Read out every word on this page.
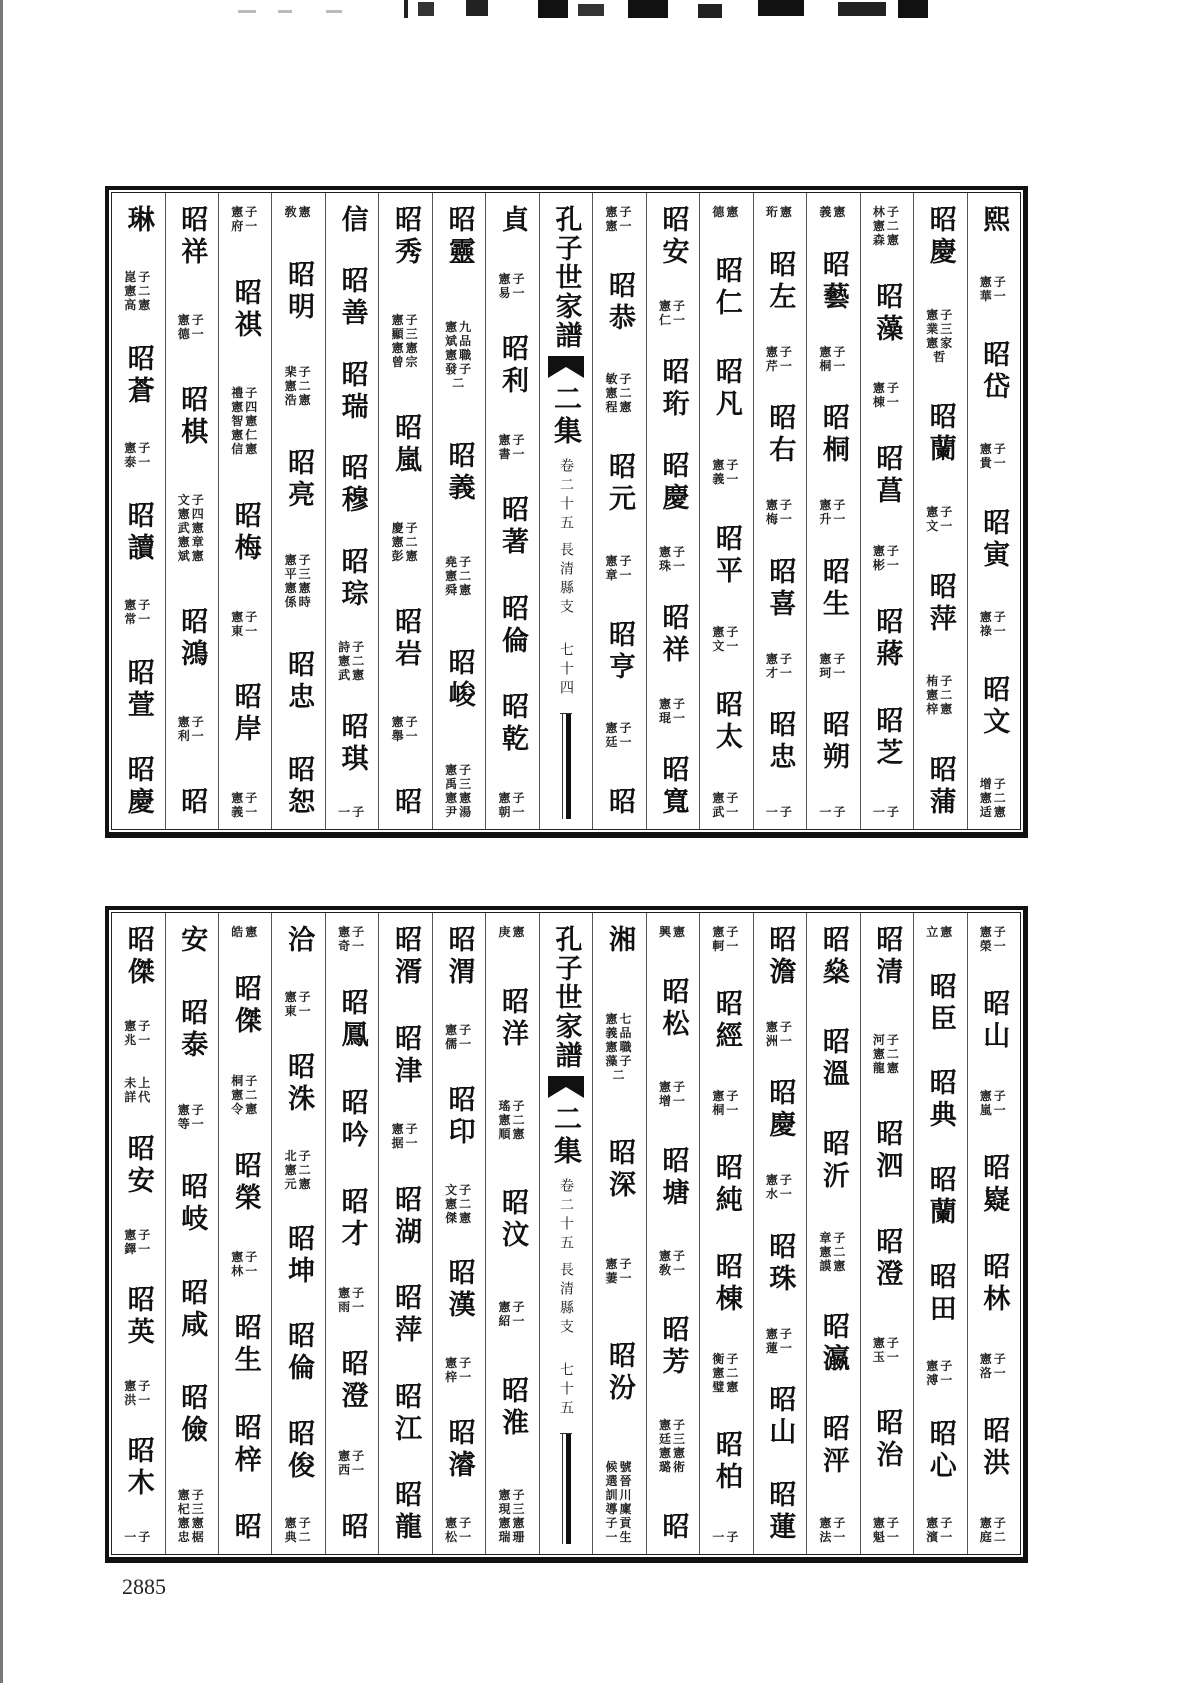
熙
憲子
華一
昭岱
憲子
貴一
昭寅
憲子
祿一
昭文
增子
憲二
适憲
昭慶
憲子
業三
憲家
哲
昭蘭
憲子
文一
昭萍
栯子
憲二
梓憲
昭蒲
林子
憲二
森憲
昭藻
憲子
棟一
昭菖
憲子
彬一
昭蔣
昭芝
一子
義憲
昭藝
憲子
桐一
昭桐
憲子
升一
昭生
憲子
珂一
昭朔
一子
珩憲
昭左
憲子
芹一
昭右
憲子
梅一
昭喜
憲子
才一
昭忠
一子
德憲
昭仁
昭凡
憲子
義一
昭平
憲子
文一
昭太
憲子
武一
昭安
憲子
仁一
昭珩
昭慶
憲子
珠一
昭祥
憲子
琨一
昭寬
憲子
憲一
昭恭
敏子
憲二
程憲
昭元
憲子
章一
昭亨
憲子
廷一
昭
孔子世家譜
二集
卷二十五
長清縣支
七十四
貞
憲子
易一
昭利
憲子
書一
昭著
昭倫
昭乾
憲子
朝一
昭靈
憲九
斌品
憲職
發子
二
昭義
堯子
憲二
舜憲
昭峻
憲子
禹三
憲憲
尹湯
昭秀
憲子
顯三
憲憲
曾宗
昭嵐
慶子
憲二
彭憲
昭岩
憲子
舉一
昭
信
昭善
昭瑞
昭穆
昭琮
詩子
憲二
武憲
昭琪
一子
敎憲
昭明
棐子
憲二
浩憲
昭亮
憲子
平三
憲憲
係時
昭忠
昭恕
憲子
府一
昭祺
禮子
憲四
智憲
憲仁
信憲
昭梅
憲子
東一
昭岸
憲子
義一
昭祥
憲子
德一
昭棋
文子
憲四
武憲
憲章
斌憲
昭鴻
憲子
利一
昭
琳
崑子
憲二
高憲
昭蒼
憲子
泰一
昭讀
憲子
常一
昭萱
昭慶
憲子
榮一
昭山
憲子
嵐一
昭嶷
昭林
憲子
洛一
昭洪
憲子
庭二
立憲
昭臣
昭典
昭蘭
昭田
憲子
溥一
昭心
憲子
濱一
昭清
河子
憲二
龍憲
昭泗
昭澄
憲子
玉一
昭治
憲子
魁一
昭燊
昭溫
昭沂
章子
憲二
謨憲
昭瀛
昭泙
憲子
法一
昭澹
憲子
洲一
昭慶
憲子
水一
昭珠
憲子
蓮一
昭山
昭蓮
憲子
軻一
昭經
憲子
桐一
昭純
昭棟
衡子
憲二
璧憲
昭柏
一子
興憲
昭松
憲子
增一
昭塘
憲子
敎一
昭芳
憲子
廷三
憲憲
璐術
昭
湘
憲七
義品
憲職
藻子
二
昭深
憲子
萋一
昭汾
候號
選晉
訓川
導廩
子貢
一生
孔子世家譜
二集
卷二十五
長清縣支
七十五
庚憲
昭洋
瑤子
憲二
順憲
昭汶
憲子
紹一
昭淮
憲子
現三
憲憲
瑞珊
昭渭
憲子
儒一
昭印
文子
憲二
傑憲
昭漢
憲子
梓一
昭濬
憲子
松一
昭湑
昭津
憲子
据一
昭湖
昭萍
昭江
昭龍
憲子
奇一
昭鳳
昭吟
昭才
憲子
雨一
昭澄
憲子
西一
昭
洽
憲子
東一
昭洙
北子
憲二
元憲
昭坤
昭倫
昭俊
憲子
典二
皓憲
昭傑
桐子
憲二
令憲
昭榮
憲子
林一
昭生
昭梓
昭
安
昭泰
憲子
等一
昭岐
昭咸
昭儉
憲子
杞三
憲憲
忠椐
昭傑
憲子
兆一
未上
詳代
昭安
憲子
鐸一
昭英
憲子
洪一
昭木
一子
2885
